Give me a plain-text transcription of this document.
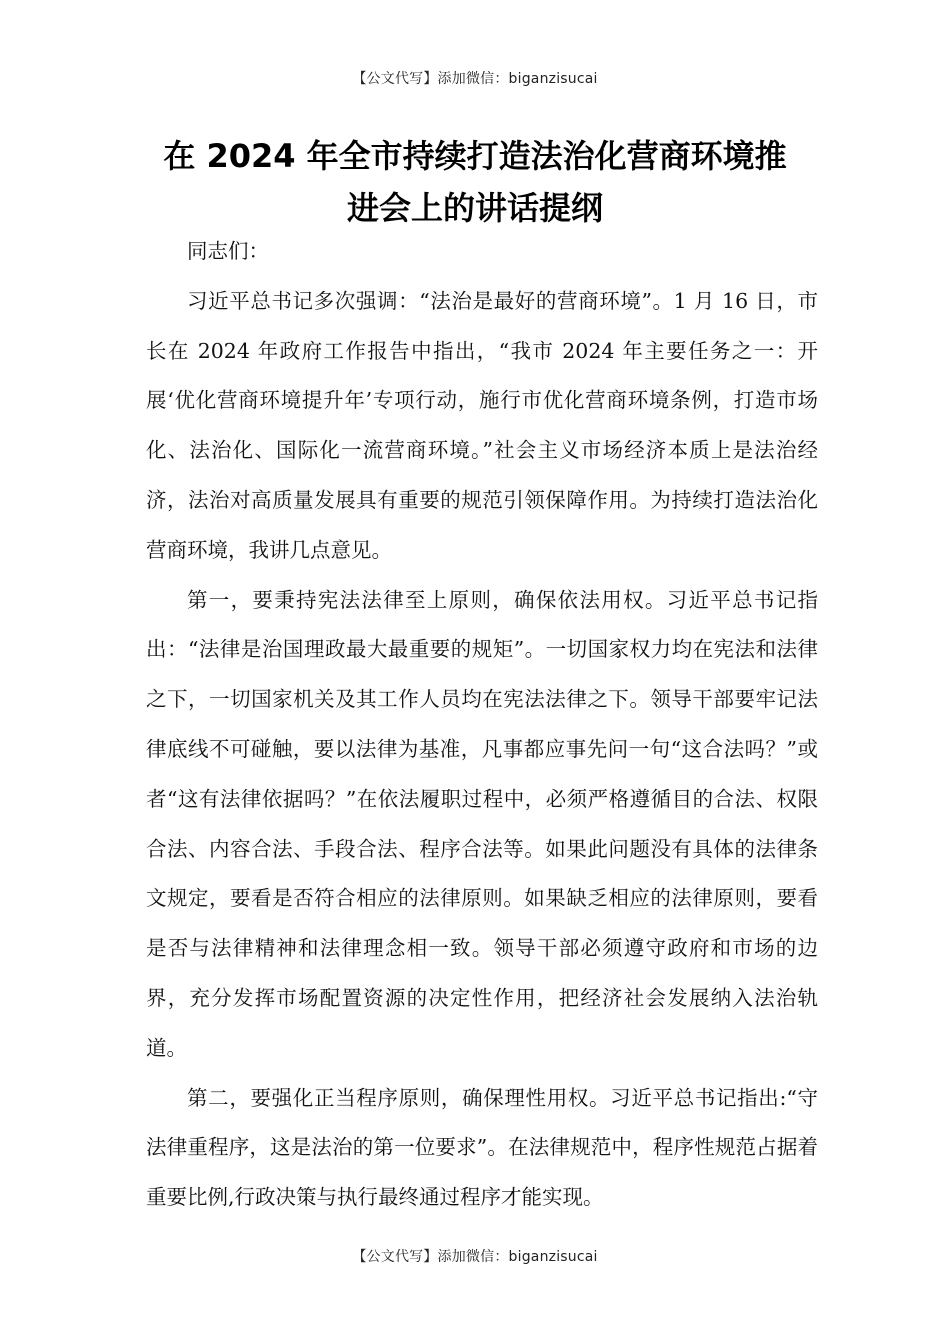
【公文代写】添加微信：biganzisucai
在 2024 年全市持续打造法治化营商环境推
进会上的讲话提纲

同志们：

习近平总书记多次强调：“法治是最好的营商环境”。1 月 16 日，市长在 2024 年政府工作报告中指出，“我市 2024 年主要任务之一：开展‘优化营商环境提升年’专项行动，施行市优化营商环境条例，打造市场化、法治化、国际化一流营商环境。”社会主义市场经济本质上是法治经济，法治对高质量发展具有重要的规范引领保障作用。为持续打造法治化营商环境，我讲几点意见。

第一，要秉持宪法法律至上原则，确保依法用权。习近平总书记指出：“法律是治国理政最大最重要的规矩”。一切国家权力均在宪法和法律之下，一切国家机关及其工作人员均在宪法法律之下。领导干部要牢记法律底线不可碰触，要以法律为基准，凡事都应事先问一句“这合法吗？”或者“这有法律依据吗？”在依法履职过程中，必须严格遵循目的合法、权限合法、内容合法、手段合法、程序合法等。如果此问题没有具体的法律条文规定，要看是否符合相应的法律原则。如果缺乏相应的法律原则，要看是否与法律精神和法律理念相一致。领导干部必须遵守政府和市场的边界，充分发挥市场配置资源的决定性作用，把经济社会发展纳入法治轨道。

第二，要强化正当程序原则，确保理性用权。习近平总书记指出:“守法律重程序，这是法治的第一位要求”。在法律规范中，程序性规范占据着重要比例,行政决策与执行最终通过程序才能实现。

【公文代写】添加微信：biganzisucai
